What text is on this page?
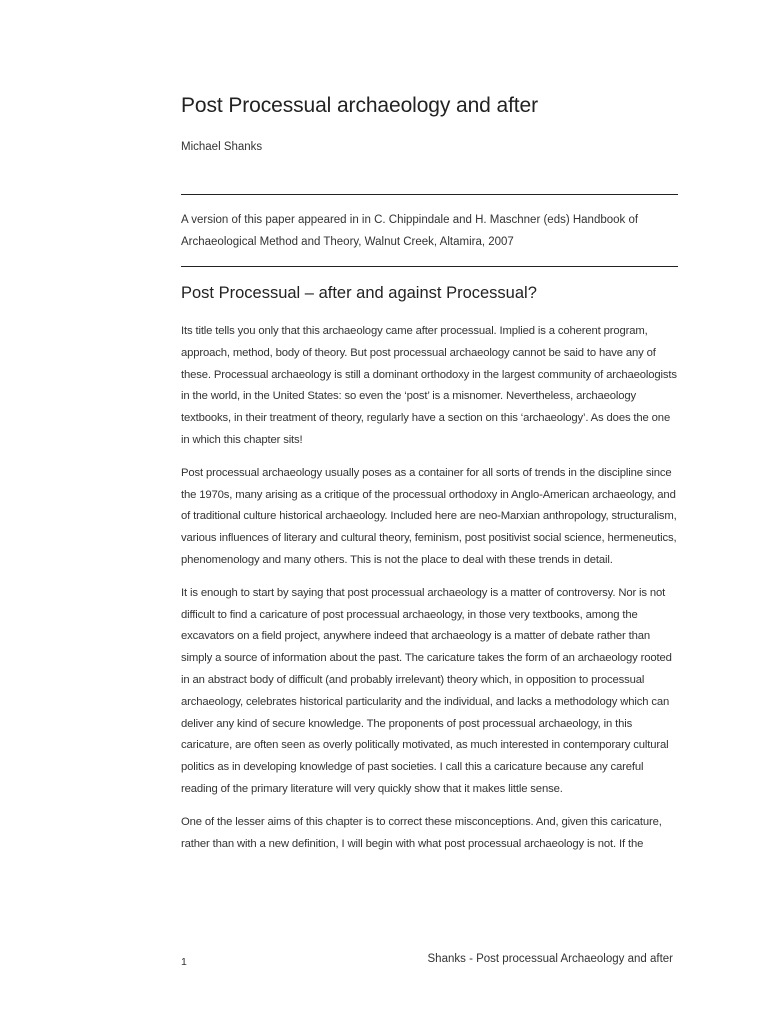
Post Processual archaeology and after

Michael Shanks

A version of this paper appeared in in C. Chippindale and H. Maschner (eds) Handbook of Archaeological Method and Theory, Walnut Creek, Altamira, 2007

Post Processual – after and against Processual?

Its title tells you only that this archaeology came after processual. Implied is a coherent program, approach, method, body of theory. But post processual archaeology cannot be said to have any of these. Processual archaeology is still a dominant orthodoxy in the largest community of archaeologists in the world, in the United States: so even the ‘post’ is a misnomer. Nevertheless, archaeology textbooks, in their treatment of theory, regularly have a section on this ‘archaeology’. As does the one in which this chapter sits!

Post processual archaeology usually poses as a container for all sorts of trends in the discipline since the 1970s, many arising as a critique of the processual orthodoxy in Anglo-American archaeology, and of traditional culture historical archaeology. Included here are neo-Marxian anthropology, structuralism, various influences of literary and cultural theory, feminism, post positivist social science, hermeneutics, phenomenology and many others. This is not the place to deal with these trends in detail.

It is enough to start by saying that post processual archaeology is a matter of controversy. Nor is not difficult to find a caricature of post processual archaeology, in those very textbooks, among the excavators on a field project, anywhere indeed that archaeology is a matter of debate rather than simply a source of information about the past. The caricature takes the form of an archaeology rooted in an abstract body of difficult (and probably irrelevant) theory which, in opposition to processual archaeology, celebrates historical particularity and the individual, and lacks a methodology which can deliver any kind of secure knowledge. The proponents of post processual archaeology, in this caricature, are often seen as overly politically motivated, as much interested in contemporary cultural politics as in developing knowledge of past societies. I call this a caricature because any careful reading of the primary literature will very quickly show that it makes little sense.

One of the lesser aims of this chapter is to correct these misconceptions. And, given this caricature, rather than with a new definition, I will begin with what post processual archaeology is not. If the

1	Shanks - Post processual Archaeology and after
